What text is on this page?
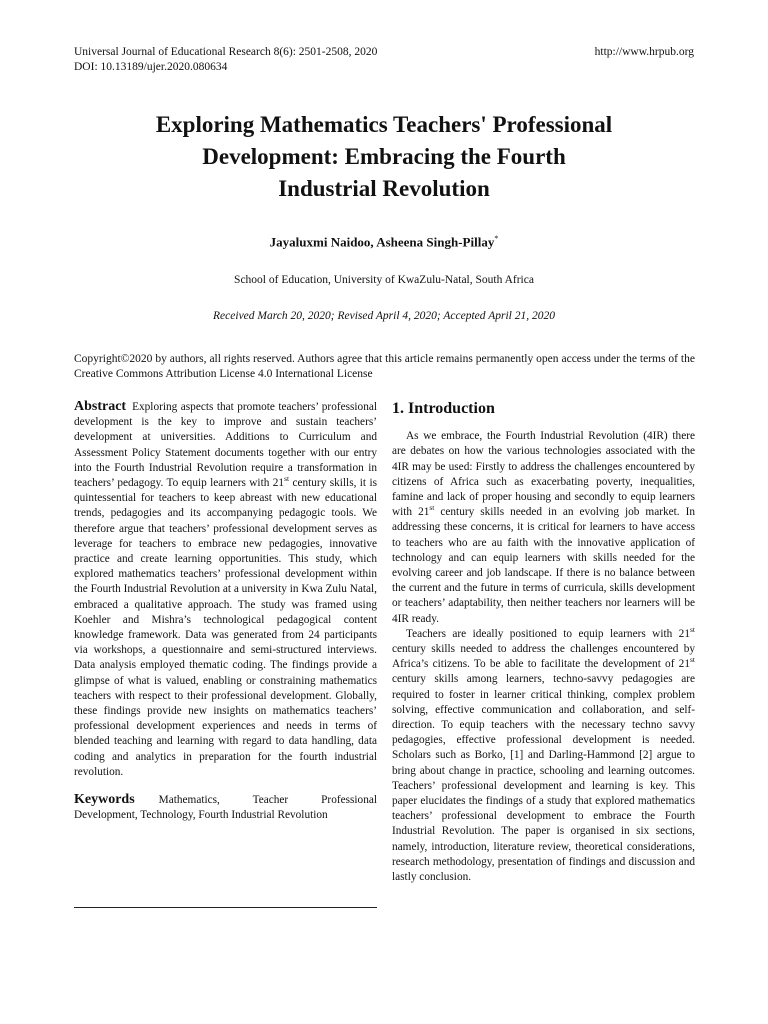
Universal Journal of Educational Research 8(6): 2501-2508, 2020
DOI: 10.13189/ujer.2020.080634
http://www.hrpub.org
Exploring Mathematics Teachers' Professional
Development: Embracing the Fourth
Industrial Revolution
Jayaluxmi Naidoo, Asheena Singh-Pillay*
School of Education, University of KwaZulu-Natal, South Africa
Received March 20, 2020; Revised April 4, 2020; Accepted April 21, 2020
Copyright©2020 by authors, all rights reserved. Authors agree that this article remains permanently open access under the terms of the Creative Commons Attribution License 4.0 International License
Abstract Exploring aspects that promote teachers’ professional development is the key to improve and sustain teachers’ development at universities. Additions to Curriculum and Assessment Policy Statement documents together with our entry into the Fourth Industrial Revolution require a transformation in teachers’ pedagogy. To equip learners with 21st century skills, it is quintessential for teachers to keep abreast with new educational trends, pedagogies and its accompanying pedagogic tools. We therefore argue that teachers’ professional development serves as leverage for teachers to embrace new pedagogies, innovative practice and create learning opportunities. This study, which explored mathematics teachers’ professional development within the Fourth Industrial Revolution at a university in Kwa Zulu Natal, embraced a qualitative approach. The study was framed using Koehler and Mishra’s technological pedagogical content knowledge framework. Data was generated from 24 participants via workshops, a questionnaire and semi-structured interviews. Data analysis employed thematic coding. The findings provide a glimpse of what is valued, enabling or constraining mathematics teachers with respect to their professional development. Globally, these findings provide new insights on mathematics teachers’ professional development experiences and needs in terms of blended teaching and learning with regard to data handling, data coding and analytics in preparation for the fourth industrial revolution.
Keywords Mathematics, Teacher Professional Development, Technology, Fourth Industrial Revolution
1. Introduction

As we embrace, the Fourth Industrial Revolution (4IR) there are debates on how the various technologies associated with the 4IR may be used: Firstly to address the challenges encountered by citizens of Africa such as exacerbating poverty, inequalities, famine and lack of proper housing and secondly to equip learners with 21st century skills needed in an evolving job market. In addressing these concerns, it is critical for learners to have access to teachers who are au faith with the innovative application of technology and can equip learners with skills needed for the evolving career and job landscape. If there is no balance between the current and the future in terms of curricula, skills development or teachers’ adaptability, then neither teachers nor learners will be 4IR ready.

Teachers are ideally positioned to equip learners with 21st century skills needed to address the challenges encountered by Africa’s citizens. To be able to facilitate the development of 21st century skills among learners, techno-savvy pedagogies are required to foster in learner critical thinking, complex problem solving, effective communication and collaboration, and self-direction. To equip teachers with the necessary techno savvy pedagogies, effective professional development is needed. Scholars such as Borko, [1] and Darling-Hammond [2] argue to bring about change in practice, schooling and learning outcomes. Teachers’ professional development and learning is key. This paper elucidates the findings of a study that explored mathematics teachers’ professional development to embrace the Fourth Industrial Revolution. The paper is organised in six sections, namely, introduction, literature review, theoretical considerations, research methodology, presentation of findings and discussion and lastly conclusion.
